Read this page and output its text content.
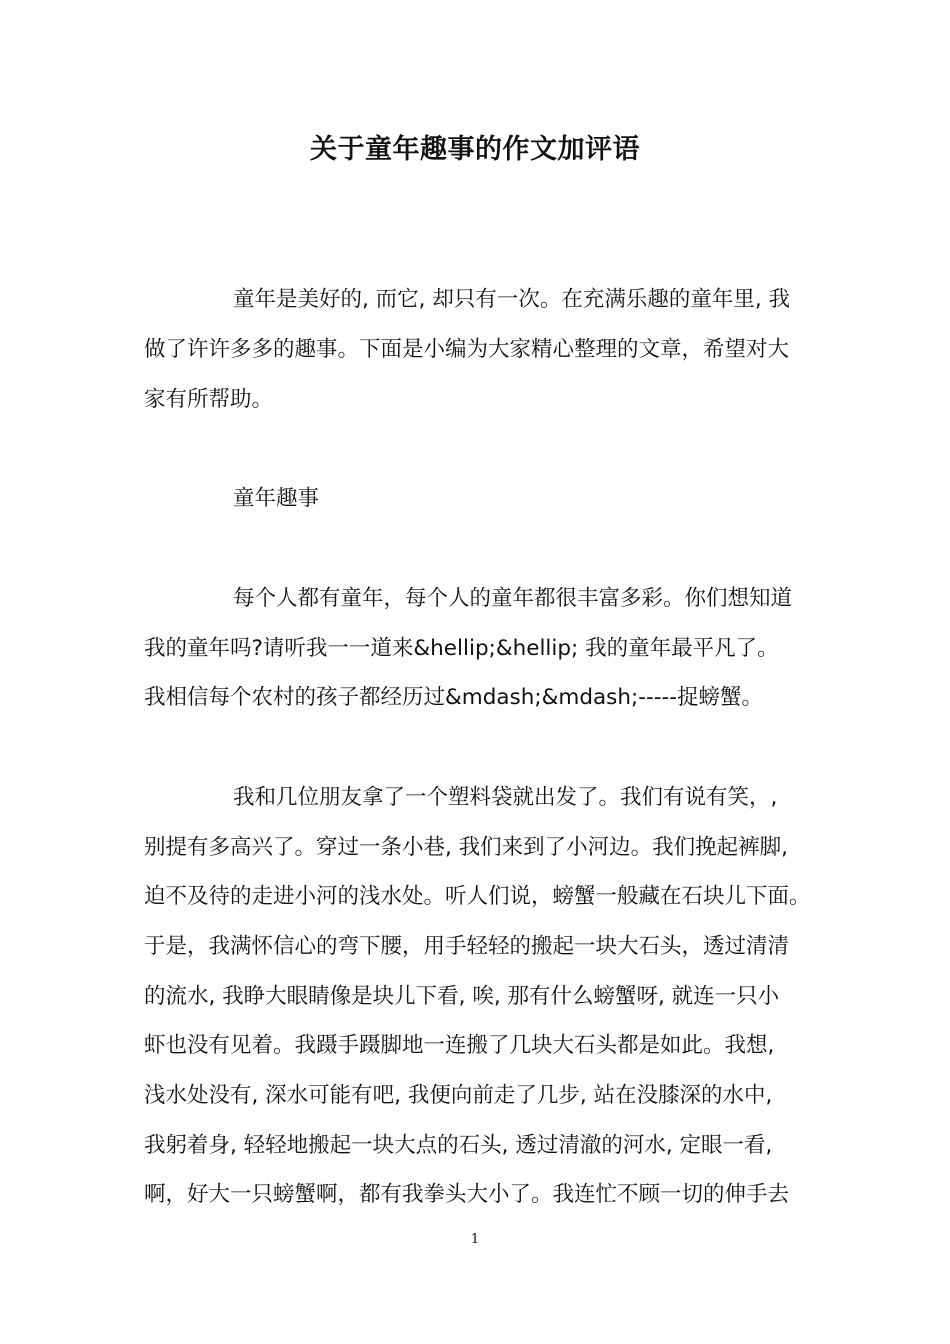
关于童年趣事的作文加评语
童年是美好的, 而它, 却只有一次。在充满乐趣的童年里, 我
做了许许多多的趣事。下面是小编为大家精心整理的文章，希望对大
家有所帮助。
童年趣事
每个人都有童年，每个人的童年都很丰富多彩。你们想知道
我的童年吗?请听我一一道来&hellip;&hellip; 我的童年最平凡了。
我相信每个农村的孩子都经历过&mdash;&mdash;-----捉螃蟹。
我和几位朋友拿了一个塑料袋就出发了。我们有说有笑，,
别提有多高兴了。穿过一条小巷, 我们来到了小河边。我们挽起裤脚,
迫不及待的走进小河的浅水处。听人们说，螃蟹一般藏在石块儿下面。
于是，我满怀信心的弯下腰，用手轻轻的搬起一块大石头，透过清清
的流水, 我睁大眼睛像是块儿下看, 唉, 那有什么螃蟹呀, 就连一只小
虾也没有见着。我蹑手蹑脚地一连搬了几块大石头都是如此。我想,
浅水处没有, 深水可能有吧, 我便向前走了几步, 站在没膝深的水中,
我躬着身, 轻轻地搬起一块大点的石头, 透过清澈的河水, 定眼一看,
啊，好大一只螃蟹啊，都有我拳头大小了。我连忙不顾一切的伸手去
1
